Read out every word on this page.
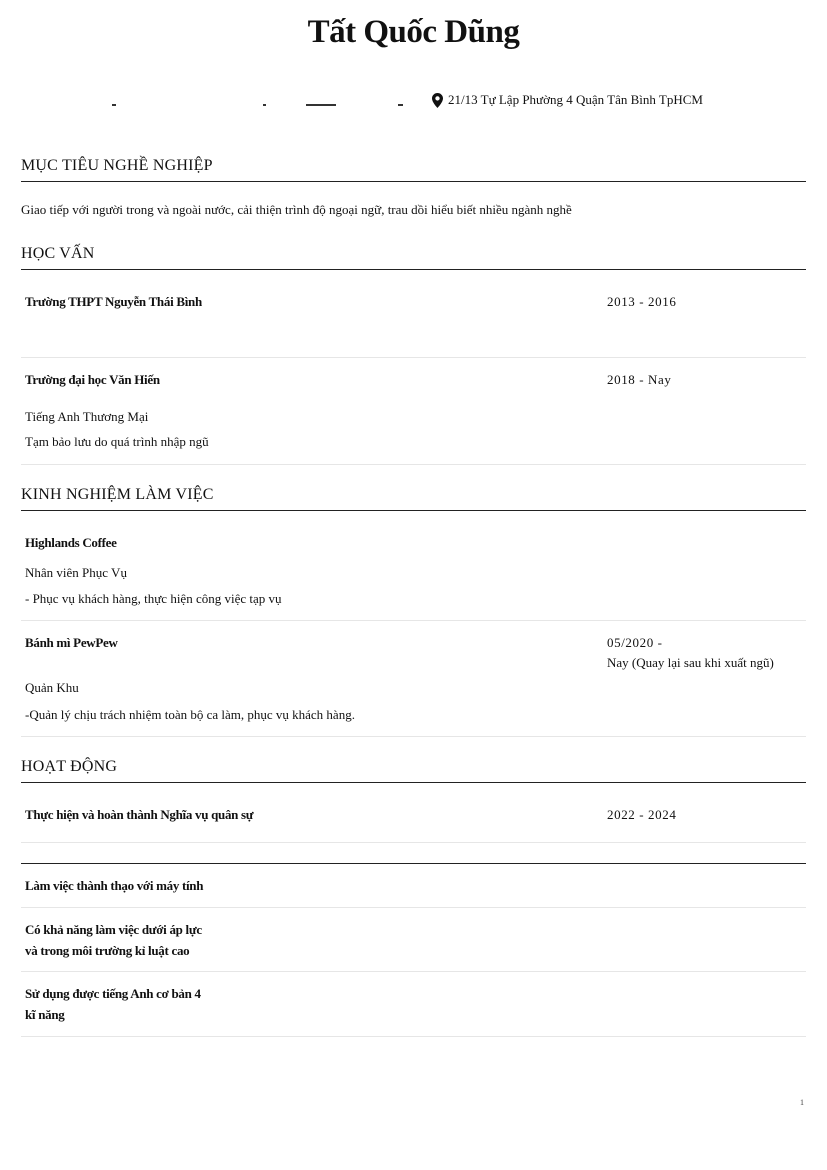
Tất Quốc Dũng
21/13 Tự Lập Phường 4 Quận Tân Bình TpHCM
MỤC TIÊU NGHỀ NGHIỆP
Giao tiếp với người trong và ngoài nước, cải thiện trình độ ngoại ngữ, trau dồi hiểu biết nhiều ngành nghề
HỌC VẤN
Trường THPT Nguyễn Thái Bình	2013 - 2016
Trường đại học Văn Hiến	2018 - Nay
Tiếng Anh Thương Mại
Tạm bảo lưu do quá trình nhập ngũ
KINH NGHIỆM LÀM VIỆC
Highlands Coffee
Nhân viên Phục Vụ
- Phục vụ khách hàng, thực hiện công việc tạp vụ
Bánh mì PewPew	05/2020 -
Nay (Quay lại sau khi xuất ngũ)
Quản Khu
-Quản lý chịu trách nhiệm toàn bộ ca làm, phục vụ khách hàng.
HOẠT ĐỘNG
Thực hiện và hoàn thành Nghĩa vụ quân sự	2022 - 2024
Làm việc thành thạo với máy tính
Có khả năng làm việc dưới áp lực
và trong môi trường kỉ luật cao
Sử dụng được tiếng Anh cơ bản 4
kĩ năng
1
